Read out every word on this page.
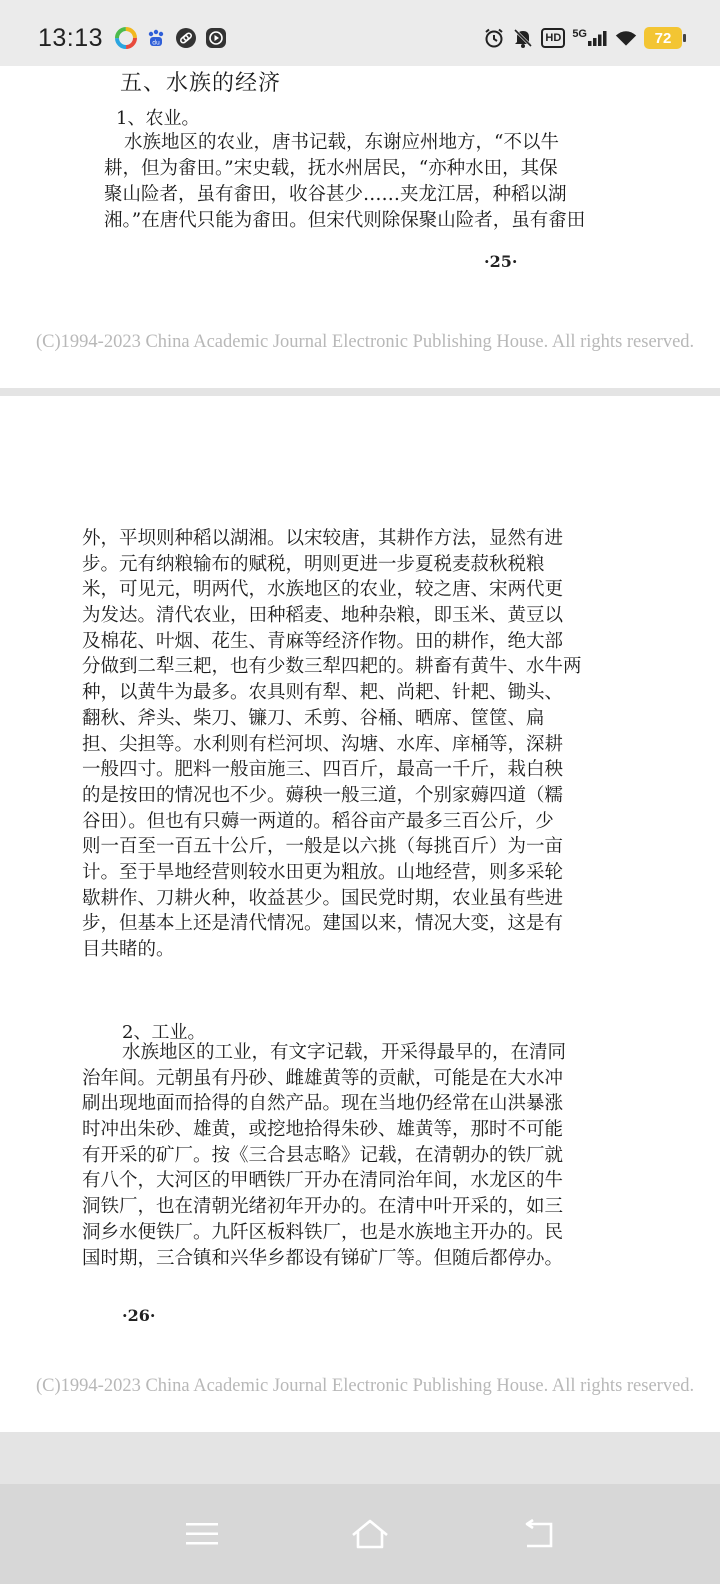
13:13	du	HD	5G	72
五、水族的经济
1、农业。
水族地区的农业，唐书记载，东谢应州地方，“不以牛
耕，但为畬田。”宋史载，抚水州居民，“亦种水田，其保
聚山险者，虽有畬田，收谷甚少……夹龙江居，种稻以湖
湘。”在唐代只能为畬田。但宋代则除保聚山险者，虽有畬田
·25·
(C)1994-2023 China Academic Journal Electronic Publishing House. All rights reserved.
外，平坝则种稻以湖湘。以宋较唐，其耕作方法，显然有进
步。元有纳粮输布的赋税，明则更进一步夏税麦菽秋税粮
米，可见元，明两代，水族地区的农业，较之唐、宋两代更
为发达。清代农业，田种稻麦、地种杂粮，即玉米、黄豆以
及棉花、叶烟、花生、青麻等经济作物。田的耕作，绝大部
分做到二犁三耙，也有少数三犁四耙的。耕畜有黄牛、水牛两
种，以黄牛为最多。农具则有犁、耙、尚耙、针耙、锄头、
翻秋、斧头、柴刀、镰刀、禾剪、谷桶、晒席、筐筐、扁
担、尖担等。水利则有栏河坝、沟塘、水库、庠桶等，深耕
一般四寸。肥料一般亩施三、四百斤，最高一千斤，栽白秧
的是按田的情况也不少。薅秧一般三道，个别家薅四道（糯
谷田）。但也有只薅一两道的。稻谷亩产最多三百公斤，少
则一百至一百五十公斤，一般是以六挑（每挑百斤）为一亩
计。至于旱地经营则较水田更为粗放。山地经营，则多采轮
歇耕作、刀耕火种，收益甚少。国民党时期，农业虽有些进
步，但基本上还是清代情况。建国以来，情况大变，这是有
目共睹的。
2、工业。
水族地区的工业，有文字记载，开采得最早的，在清同
治年间。元朝虽有丹砂、雌雄黄等的贡献，可能是在大水冲
刷出现地面而拾得的自然产品。现在当地仍经常在山洪暴涨
时冲出朱砂、雄黄，或挖地拾得朱砂、雄黄等，那时不可能
有开采的矿厂。按《三合县志略》记载，在清朝办的铁厂就
有八个，大河区的甲晒铁厂开办在清同治年间，水龙区的牛
洞铁厂，也在清朝光绪初年开办的。在清中叶开采的，如三
洞乡水便铁厂。九阡区板料铁厂，也是水族地主开办的。民
国时期，三合镇和兴华乡都设有锑矿厂等。但随后都停办。
·26·
(C)1994-2023 China Academic Journal Electronic Publishing House. All rights reserved.
